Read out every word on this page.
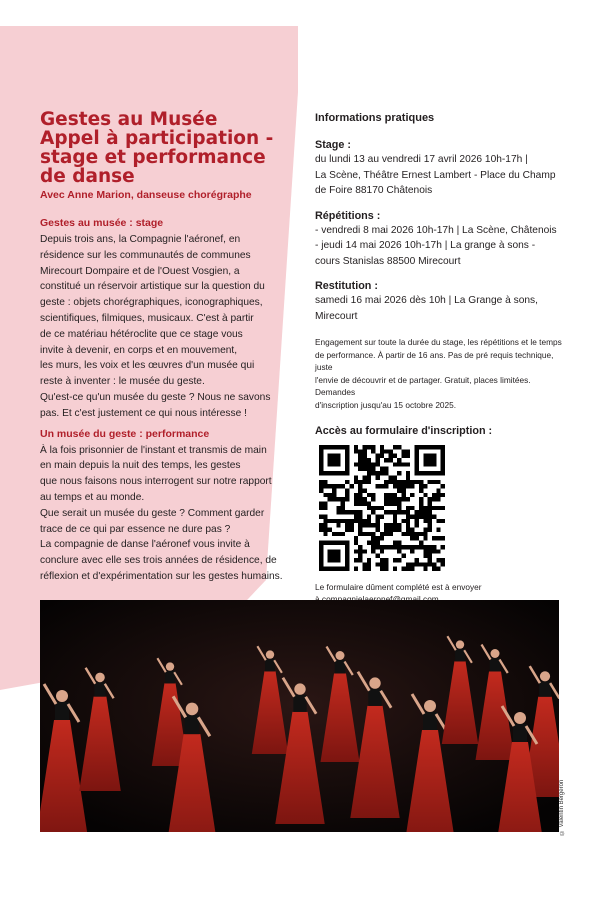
Gestes au Musée
Appel à participation -
stage et performance
de danse

Avec Anne Marion, danseuse chorégraphe

Gestes au musée : stage

Depuis trois ans, la Compagnie l'aéronef, en
résidence sur les communautés de communes
Mirecourt Dompaire et de l'Ouest Vosgien, a
constitué un réservoir artistique sur la question du
geste : objets chorégraphiques, iconographiques,
scientifiques, filmiques, musicaux. C'est à partir
de ce matériau hétéroclite que ce stage vous
invite à devenir, en corps et en mouvement,
les murs, les voix et les œuvres d'un musée qui
reste à inventer : le musée du geste.
Qu'est-ce qu'un musée du geste ? Nous ne savons
pas. Et c'est justement ce qui nous intéresse !

Un musée du geste : performance

À la fois prisonnier de l'instant et transmis de main
en main depuis la nuit des temps, les gestes
que nous faisons nous interrogent sur notre rapport
au temps et au monde.
Que serait un musée du geste ? Comment garder
trace de ce qui par essence ne dure pas ?
La compagnie de danse l'aéronef vous invite à
conclure avec elle ses trois années de résidence, de
réflexion et d'expérimentation sur les gestes humains.

Informations pratiques

Stage :

du lundi 13 au vendredi 17 avril 2026 10h-17h |
La Scène, Théâtre Ernest Lambert - Place du Champ
de Foire 88170 Châtenois

Répétitions :

- vendredi 8 mai 2026 10h-17h | La Scène, Châtenois
- jeudi 14 mai 2026 10h-17h | La grange à sons -
cours Stanislas 88500 Mirecourt

Restitution :

samedi 16 mai 2026 dès 10h | La Grange à sons,
Mirecourt
Engagement sur toute la durée du stage, les répétitions et le temps
de performance. À partir de 16 ans. Pas de pré requis technique, juste
l'envie de découvrir et de partager. Gratuit, places limitées. Demandes
d'inscription jusqu'au 15 octobre 2025.

Accès au formulaire d'inscription :

Le formulaire dûment complété est à envoyer
© Valentin Bergeron
